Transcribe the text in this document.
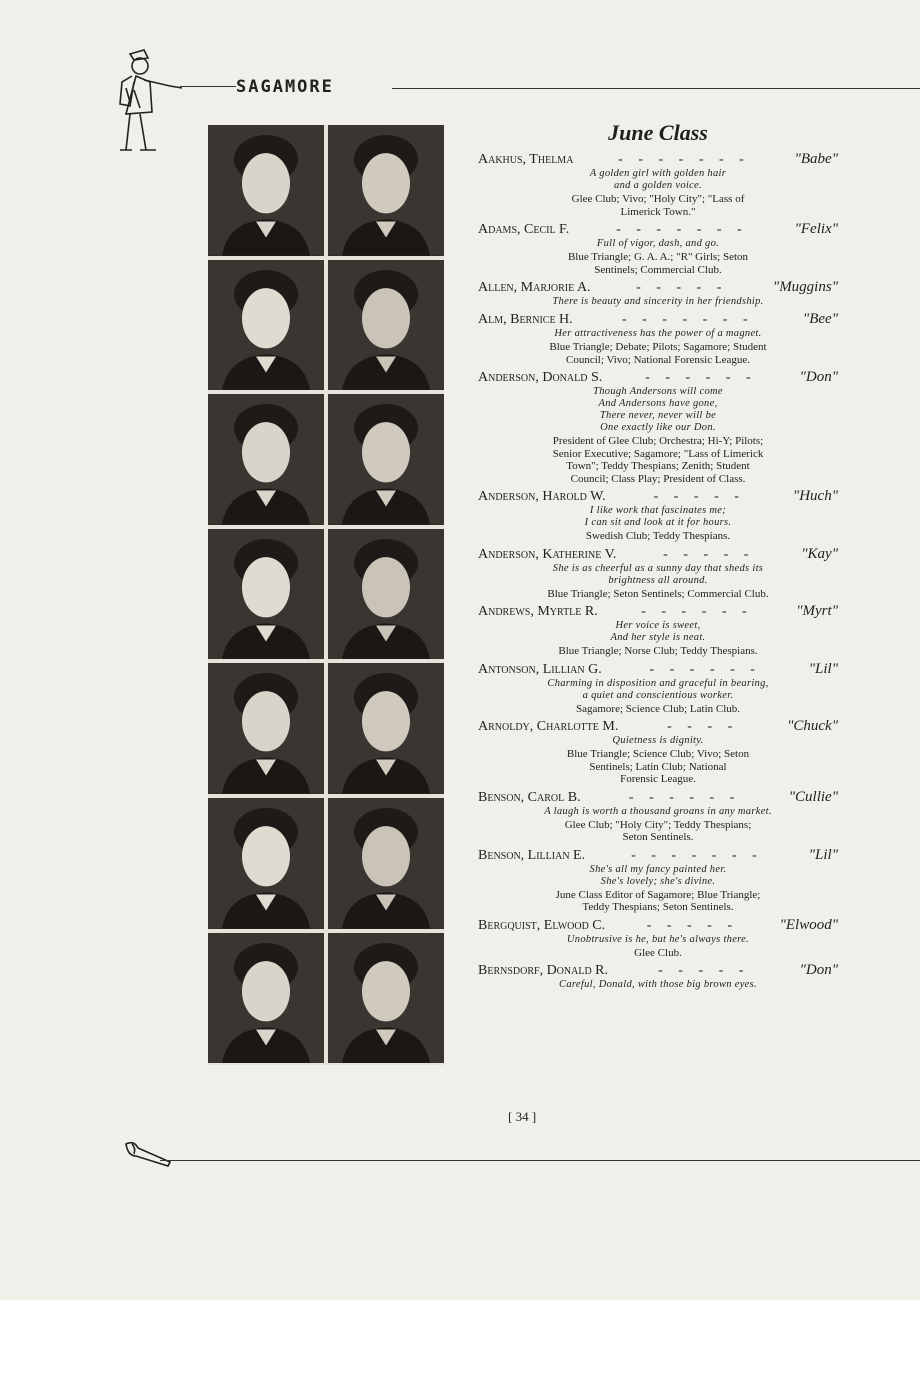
SAGAMORE
June Class
Aakhus, Thelma	- - - - - - -	"Babe"
A golden girl with golden hair
and a golden voice.
Glee Club; Vivo; "Holy City"; "Lass of
Limerick Town."
Adams, Cecil F.	- - - - - - -	"Felix"
Full of vigor, dash, and go.
Blue Triangle; G. A. A.; "R" Girls; Seton
Sentinels; Commercial Club.
Allen, Marjorie A.	- - - - -	"Muggins"
There is beauty and sincerity in her friendship.
Alm, Bernice H.	- - - - - - -	"Bee"
Her attractiveness has the power of a magnet.
Blue Triangle; Debate; Pilots; Sagamore; Student
Council; Vivo; National Forensic League.
Anderson, Donald S.	- - - - - -	"Don"
Though Andersons will come
And Andersons have gone,
There never, never will be
One exactly like our Don.
President of Glee Club; Orchestra; Hi-Y; Pilots;
Senior Executive; Sagamore; "Lass of Limerick
Town"; Teddy Thespians; Zenith; Student
Council; Class Play; President of Class.
Anderson, Harold W.	- - - - -	"Huch"
I like work that fascinates me;
I can sit and look at it for hours.
Swedish Club; Teddy Thespians.
Anderson, Katherine V.	- - - - -	"Kay"
She is as cheerful as a sunny day that sheds its
brightness all around.
Blue Triangle; Seton Sentinels; Commercial Club.
Andrews, Myrtle R.	- - - - - -	"Myrt"
Her voice is sweet,
And her style is neat.
Blue Triangle; Norse Club; Teddy Thespians.
Antonson, Lillian G.	- - - - - -	"Lil"
Charming in disposition and graceful in bearing,
a quiet and conscientious worker.
Sagamore; Science Club; Latin Club.
Arnoldy, Charlotte M.	- - - -	"Chuck"
Quietness is dignity.
Blue Triangle; Science Club; Vivo; Seton
Sentinels; Latin Club; National
Forensic League.
Benson, Carol B.	- - - - - -	"Cullie"
A laugh is worth a thousand groans in any market.
Glee Club; "Holy City"; Teddy Thespians;
Seton Sentinels.
Benson, Lillian E.	- - - - - - -	"Lil"
She's all my fancy painted her.
She's lovely; she's divine.
June Class Editor of Sagamore; Blue Triangle;
Teddy Thespians; Seton Sentinels.
Bergquist, Elwood C.	- - - - -	"Elwood"
Unobtrusive is he, but he's always there.
Glee Club.
Bernsdorf, Donald R.	- - - - -	"Don"
Careful, Donald, with those big brown eyes.
[ 34 ]
